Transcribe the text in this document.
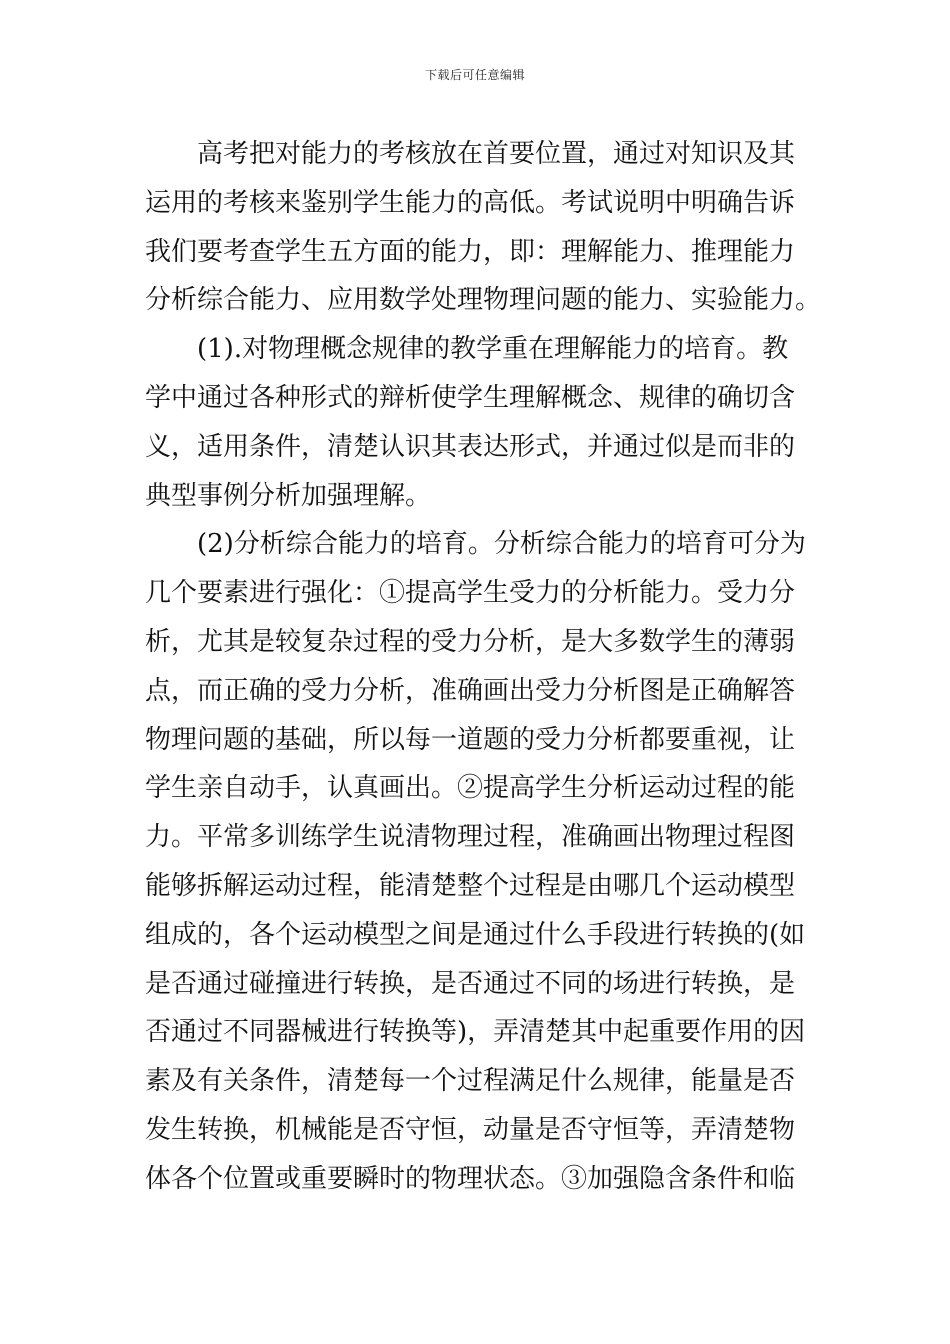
下载后可任意编辑
　　高考把对能力的考核放在首要位置，通过对知识及其
运用的考核来鉴别学生能力的高低。考试说明中明确告诉
我们要考查学生五方面的能力，即：理解能力、推理能力
分析综合能力、应用数学处理物理问题的能力、实验能力。
　　(1).对物理概念规律的教学重在理解能力的培育。教
学中通过各种形式的辩析使学生理解概念、规律的确切含
义，适用条件，清楚认识其表达形式，并通过似是而非的
典型事例分析加强理解。
　　(2)分析综合能力的培育。分析综合能力的培育可分为
几个要素进行强化：①提高学生受力的分析能力。受力分
析，尤其是较复杂过程的受力分析，是大多数学生的薄弱
点，而正确的受力分析，准确画出受力分析图是正确解答
物理问题的基础，所以每一道题的受力分析都要重视，让
学生亲自动手，认真画出。②提高学生分析运动过程的能
力。平常多训练学生说清物理过程，准确画出物理过程图
能够拆解运动过程，能清楚整个过程是由哪几个运动模型
组成的，各个运动模型之间是通过什么手段进行转换的(如
是否通过碰撞进行转换，是否通过不同的场进行转换，是
否通过不同器械进行转换等)，弄清楚其中起重要作用的因
素及有关条件，清楚每一个过程满足什么规律，能量是否
发生转换，机械能是否守恒，动量是否守恒等，弄清楚物
体各个位置或重要瞬时的物理状态。③加强隐含条件和临
